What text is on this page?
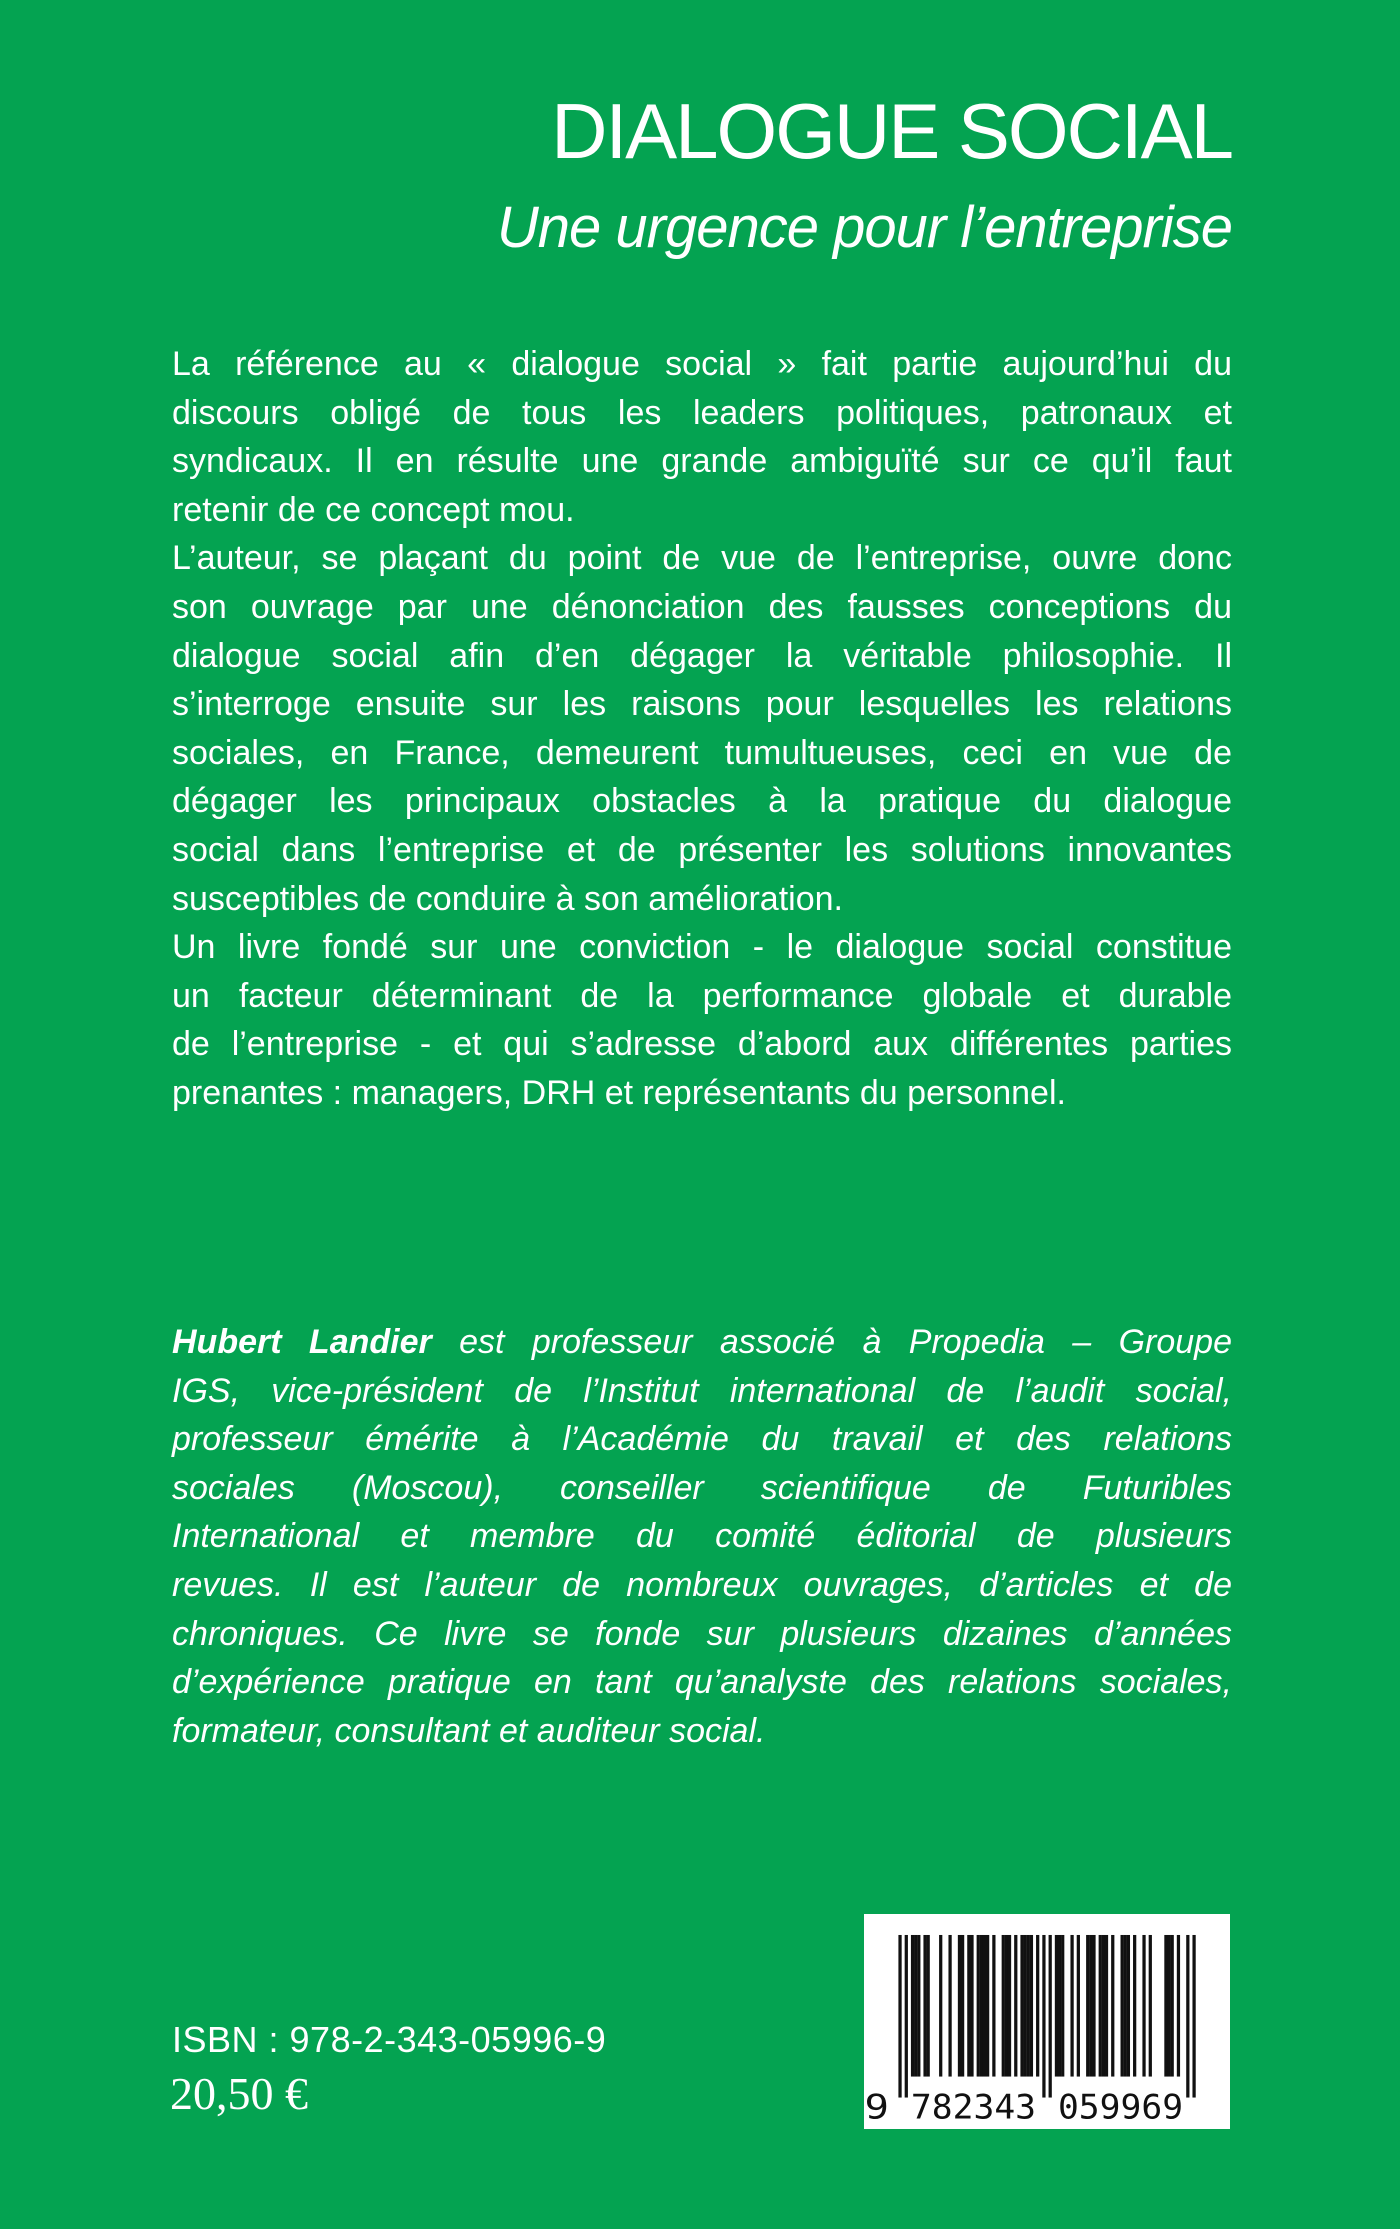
DIALOGUE SOCIAL
Une urgence pour l’entreprise
La référence au « dialogue social » fait partie aujourd’hui du
discours obligé de tous les leaders politiques, patronaux et
syndicaux. Il en résulte une grande ambiguïté sur ce qu’il faut
retenir de ce concept mou.
L’auteur, se plaçant du point de vue de l’entreprise, ouvre donc
son ouvrage par une dénonciation des fausses conceptions du
dialogue social afin d’en dégager la véritable philosophie. Il
s’interroge ensuite sur les raisons pour lesquelles les relations
sociales, en France, demeurent tumultueuses, ceci en vue de
dégager les principaux obstacles à la pratique du dialogue
social dans l’entreprise et de présenter les solutions innovantes
susceptibles de conduire à son amélioration.
Un livre fondé sur une conviction - le dialogue social constitue
un facteur déterminant de la performance globale et durable
de l’entreprise - et qui s’adresse d’abord aux différentes parties
prenantes : managers, DRH et représentants du personnel.
Hubert Landier est professeur associé à Propedia – Groupe
IGS, vice-président de l’Institut international de l’audit social,
professeur émérite à l’Académie du travail et des relations
sociales (Moscou), conseiller scientifique de Futuribles
International et membre du comité éditorial de plusieurs
revues. Il est l’auteur de nombreux ouvrages, d’articles et de
chroniques. Ce livre se fonde sur plusieurs dizaines d’années
d’expérience pratique en tant qu’analyste des relations sociales,
formateur, consultant et auditeur social.
9 782343 059969
ISBN : 978-2-343-05996-9
20,50 €
